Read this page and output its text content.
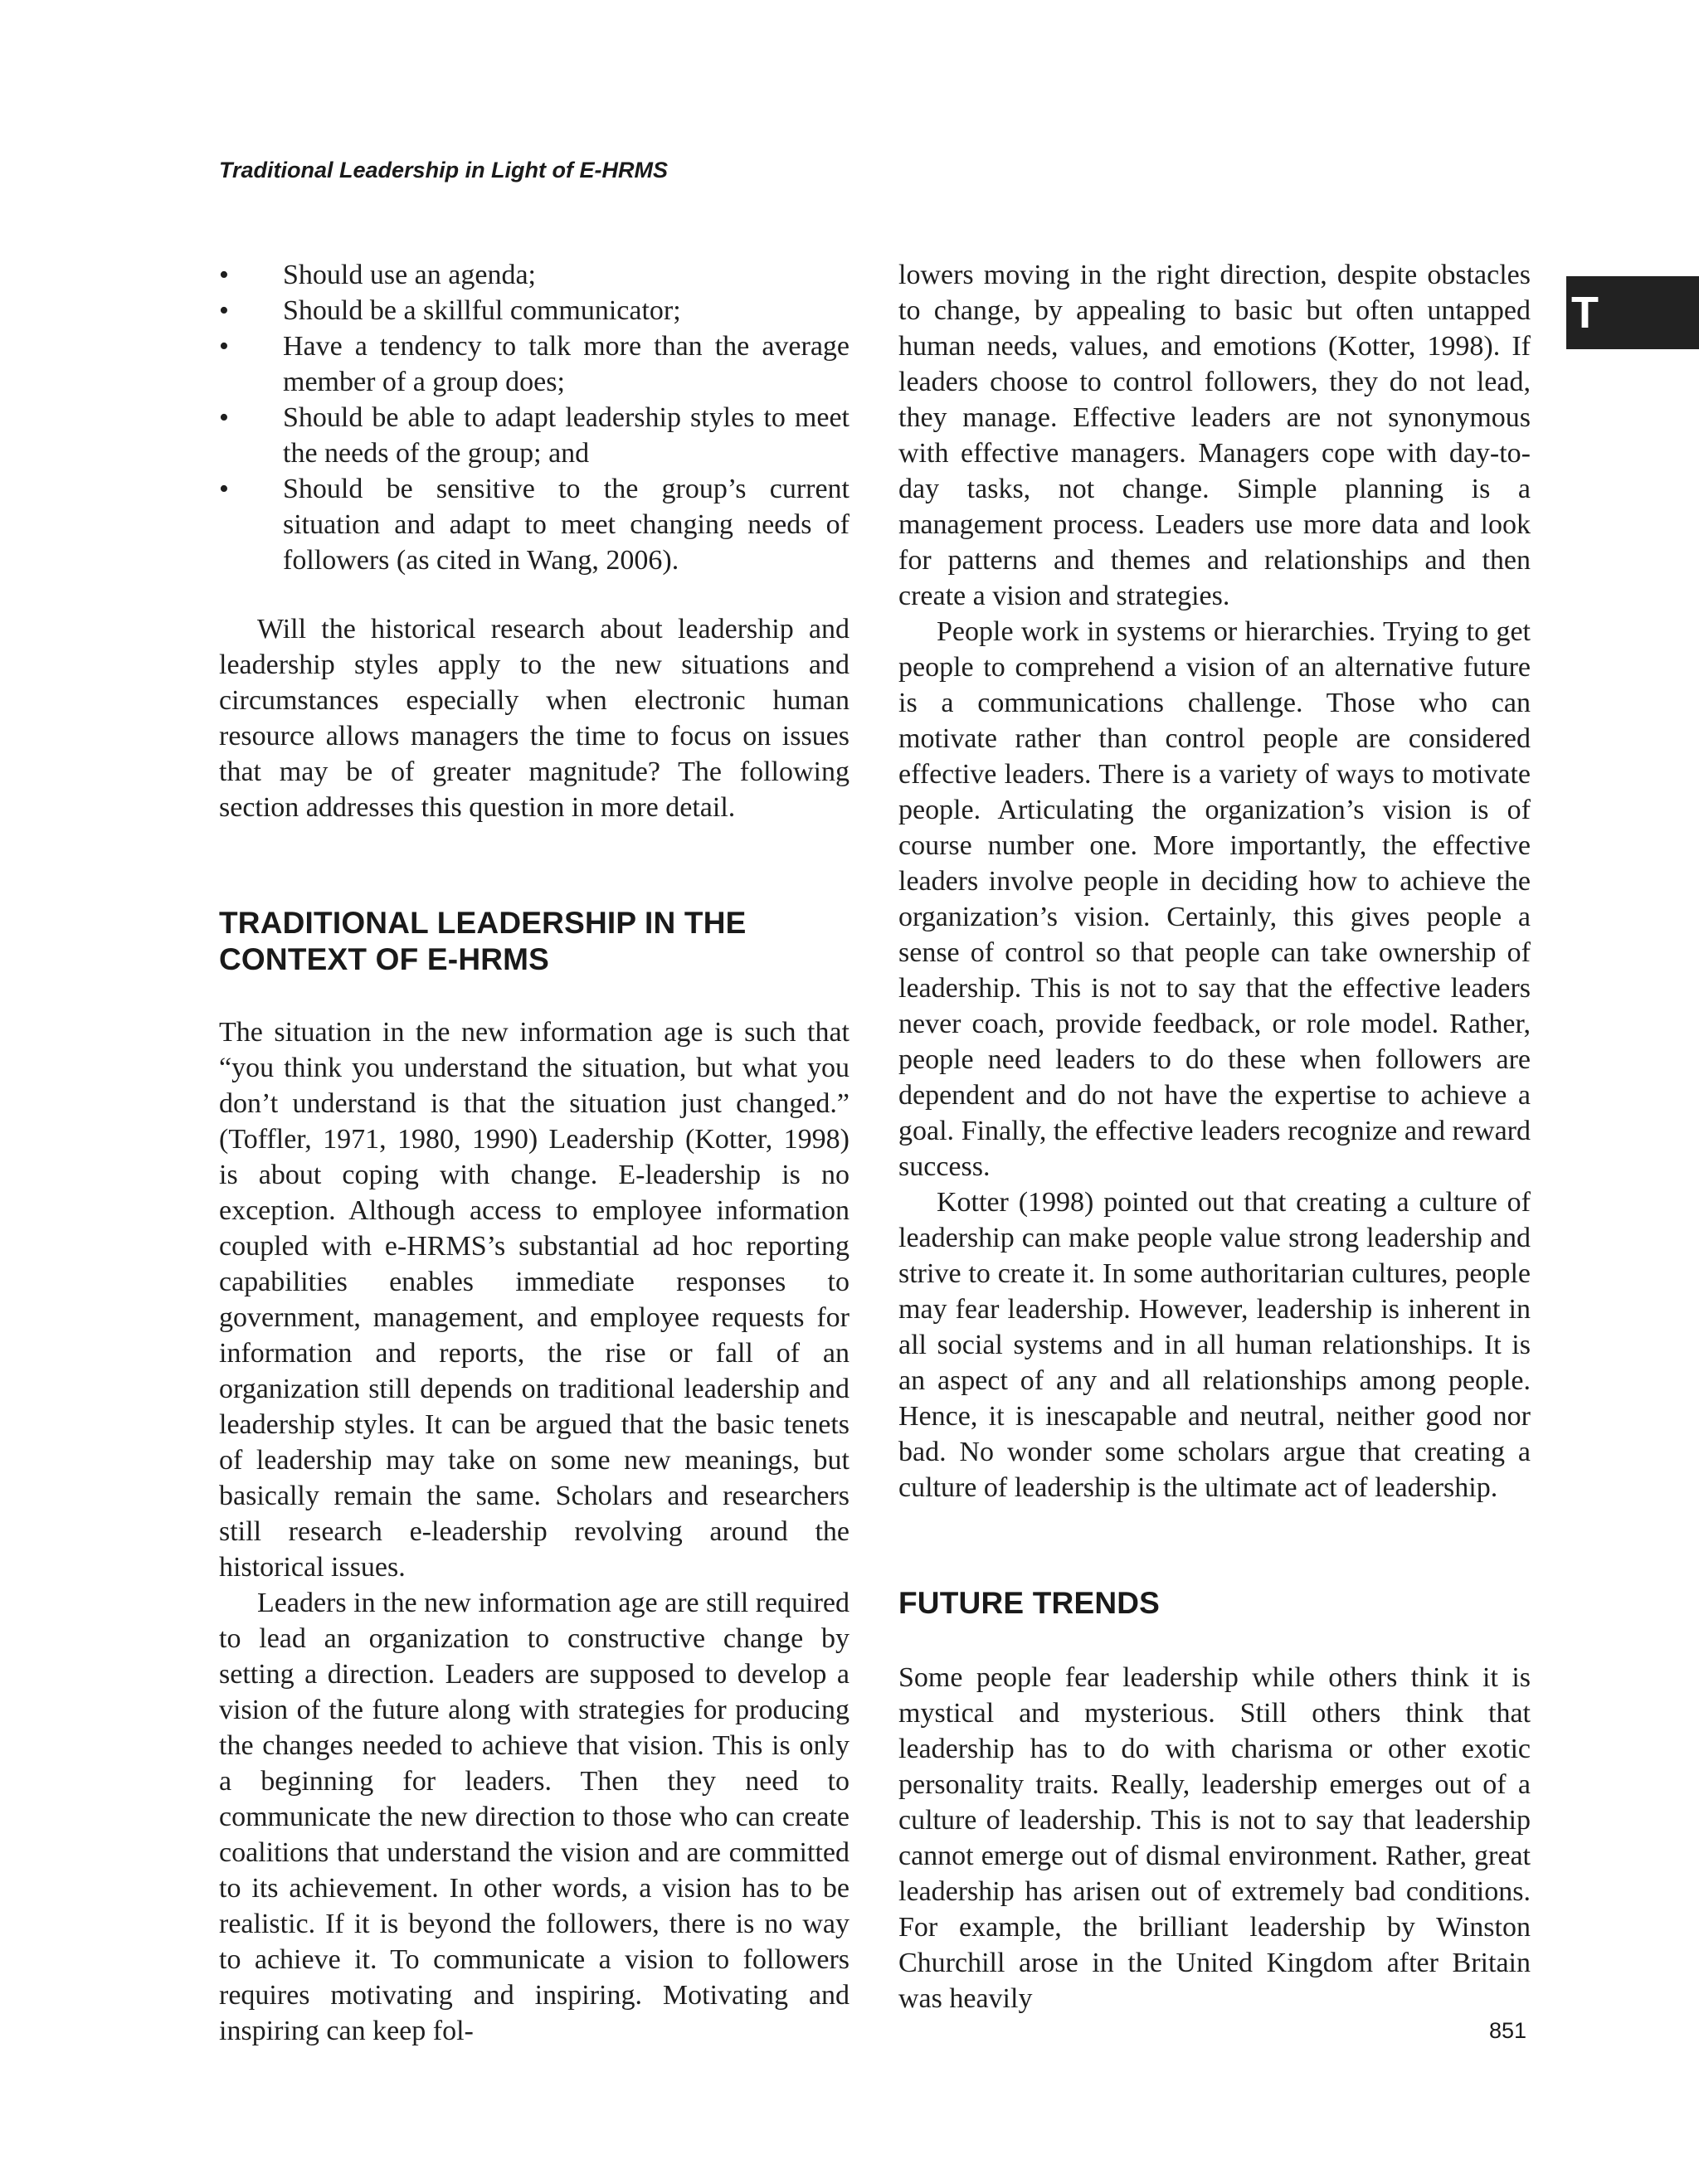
Traditional Leadership in Light of E-HRMS
T
• Should use an agenda;
• Should be a skillful communicator;
• Have a tendency to talk more than the average member of a group does;
• Should be able to adapt leadership styles to meet the needs of the group; and
• Should be sensitive to the group’s current situation and adapt to meet changing needs of followers (as cited in Wang, 2006).

Will the historical research about leadership and leadership styles apply to the new situations and circumstances especially when electronic human resource allows managers the time to focus on issues that may be of greater magnitude? The following section addresses this question in more detail.

TRADITIONAL LEADERSHIP IN THE CONTEXT OF E-HRMS

The situation in the new information age is such that “you think you understand the situation, but what you don’t understand is that the situation just changed.” (Toffler, 1971, 1980, 1990) Leadership (Kotter, 1998) is about coping with change. E-leadership is no exception. Although access to employee information coupled with e-HRMS’s substantial ad hoc reporting capabilities enables immediate responses to government, management, and employee requests for information and reports, the rise or fall of an organization still depends on traditional leadership and leadership styles. It can be argued that the basic tenets of leadership may take on some new meanings, but basically remain the same. Scholars and researchers still research e-leadership revolving around the historical issues.

Leaders in the new information age are still required to lead an organization to constructive change by setting a direction. Leaders are supposed to develop a vision of the future along with strategies for producing the changes needed to achieve that vision. This is only a beginning for leaders. Then they need to communicate the new direction to those who can create coalitions that understand the vision and are committed to its achievement. In other words, a vision has to be realistic. If it is beyond the followers, there is no way to achieve it. To communicate a vision to followers requires motivating and inspiring. Motivating and inspiring can keep fol-

lowers moving in the right direction, despite obstacles to change, by appealing to basic but often untapped human needs, values, and emotions (Kotter, 1998). If leaders choose to control followers, they do not lead, they manage. Effective leaders are not synonymous with effective managers. Managers cope with day-to-day tasks, not change. Simple planning is a management process. Leaders use more data and look for patterns and themes and relationships and then create a vision and strategies.

People work in systems or hierarchies. Trying to get people to comprehend a vision of an alternative future is a communications challenge. Those who can motivate rather than control people are considered effective leaders. There is a variety of ways to motivate people. Articulating the organization’s vision is of course number one. More importantly, the effective leaders involve people in deciding how to achieve the organization’s vision. Certainly, this gives people a sense of control so that people can take ownership of leadership. This is not to say that the effective leaders never coach, provide feedback, or role model. Rather, people need leaders to do these when followers are dependent and do not have the expertise to achieve a goal. Finally, the effective leaders recognize and reward success.

Kotter (1998) pointed out that creating a culture of leadership can make people value strong leadership and strive to create it. In some authoritarian cultures, people may fear leadership. However, leadership is inherent in all social systems and in all human relationships. It is an aspect of any and all relationships among people. Hence, it is inescapable and neutral, neither good nor bad. No wonder some scholars argue that creating a culture of leadership is the ultimate act of leadership.

FUTURE TRENDS

Some people fear leadership while others think it is mystical and mysterious. Still others think that leadership has to do with charisma or other exotic personality traits. Really, leadership emerges out of a culture of leadership. This is not to say that leadership cannot emerge out of dismal environment. Rather, great leadership has arisen out of extremely bad conditions. For example, the brilliant leadership by Winston Churchill arose in the United Kingdom after Britain was heavily

851
